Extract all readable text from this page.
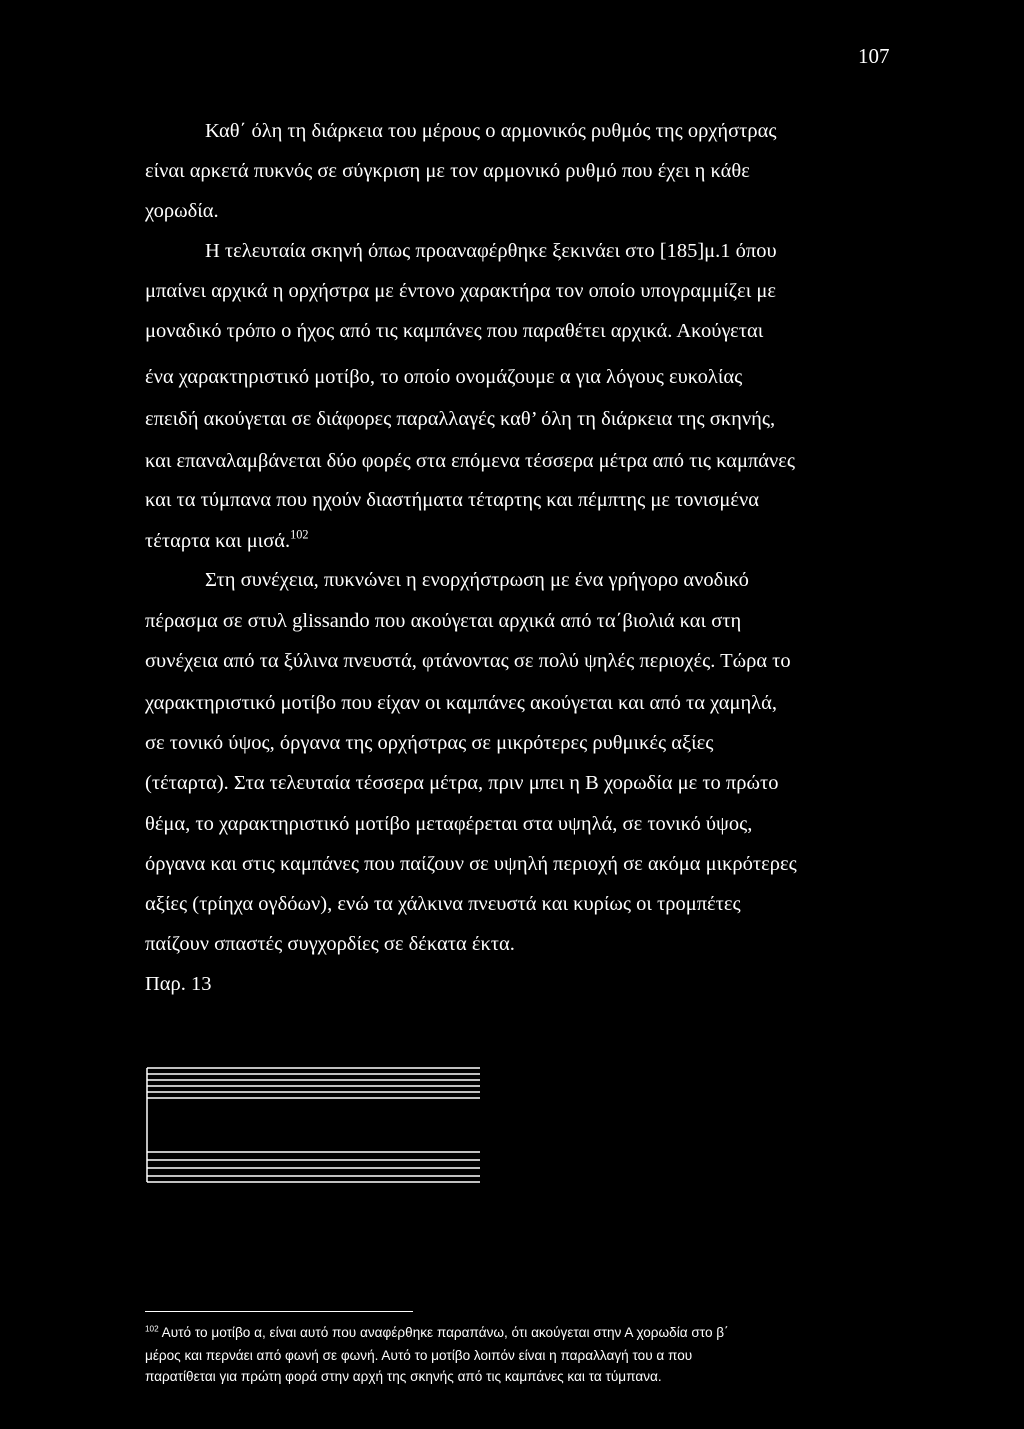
107
Καθ΄ όλη τη διάρκεια του μέρους ο αρμονικός ρυθμός της ορχήστρας
είναι αρκετά πυκνός σε σύγκριση με τον αρμονικό ρυθμό που έχει η κάθε
χορωδία.
Η τελευταία σκηνή όπως προαναφέρθηκε ξεκινάει στο [185]μ.1 όπου
μπαίνει αρχικά η ορχήστρα με έντονο χαρακτήρα τον οποίο υπογραμμίζει με
μοναδικό τρόπο ο ήχος από τις καμπάνες που παραθέτει αρχικά. Ακούγεται
ένα χαρακτηριστικό μοτίβο, το οποίο ονομάζουμε α για λόγους ευκολίας
επειδή ακούγεται σε διάφορες παραλλαγές καθ’ όλη τη διάρκεια της σκηνής,
και επαναλαμβάνεται δύο φορές στα επόμενα τέσσερα μέτρα από τις καμπάνες
και τα τύμπανα που ηχούν διαστήματα τέταρτης και πέμπτης με τονισμένα
τέταρτα και μισά.$^{102}$
Στη συνέχεια, πυκνώνει η ενορχήστρωση με ένα γρήγορο ανοδικό
πέρασμα σε στυλ glissando που ακούγεται αρχικά από τα΄βιολιά και στη
συνέχεια από τα ξύλινα πνευστά, φτάνοντας σε πολύ ψηλές περιοχές. Τώρα το
χαρακτηριστικό μοτίβο που είχαν οι καμπάνες ακούγεται και από τα χαμηλά,
σε τονικό ύψος, όργανα της ορχήστρας σε μικρότερες ρυθμικές αξίες
(τέταρτα). Στα τελευταία τέσσερα μέτρα, πριν μπει η Β χορωδία με το πρώτο
θέμα, το χαρακτηριστικό μοτίβο μεταφέρεται στα υψηλά, σε τονικό ύψος,
όργανα και στις καμπάνες που παίζουν σε υψηλή περιοχή σε ακόμα μικρότερες
αξίες (τρίηχα ογδόων), ενώ τα χάλκινα πνευστά και κυρίως οι τρομπέτες
παίζουν σπαστές συγχορδίες σε δέκατα έκτα.
Παρ. 13
$^{102}$ Αυτό το μοτίβο α, είναι αυτό που αναφέρθηκε παραπάνω, ότι ακούγεται στην Α χορωδία στο β΄
μέρος και περνάει από φωνή σε φωνή. Αυτό το μοτίβο λοιπόν είναι η παραλλαγή του α που
παρατίθεται για πρώτη φορά στην αρχή της σκηνής από τις καμπάνες και τα τύμπανα.
